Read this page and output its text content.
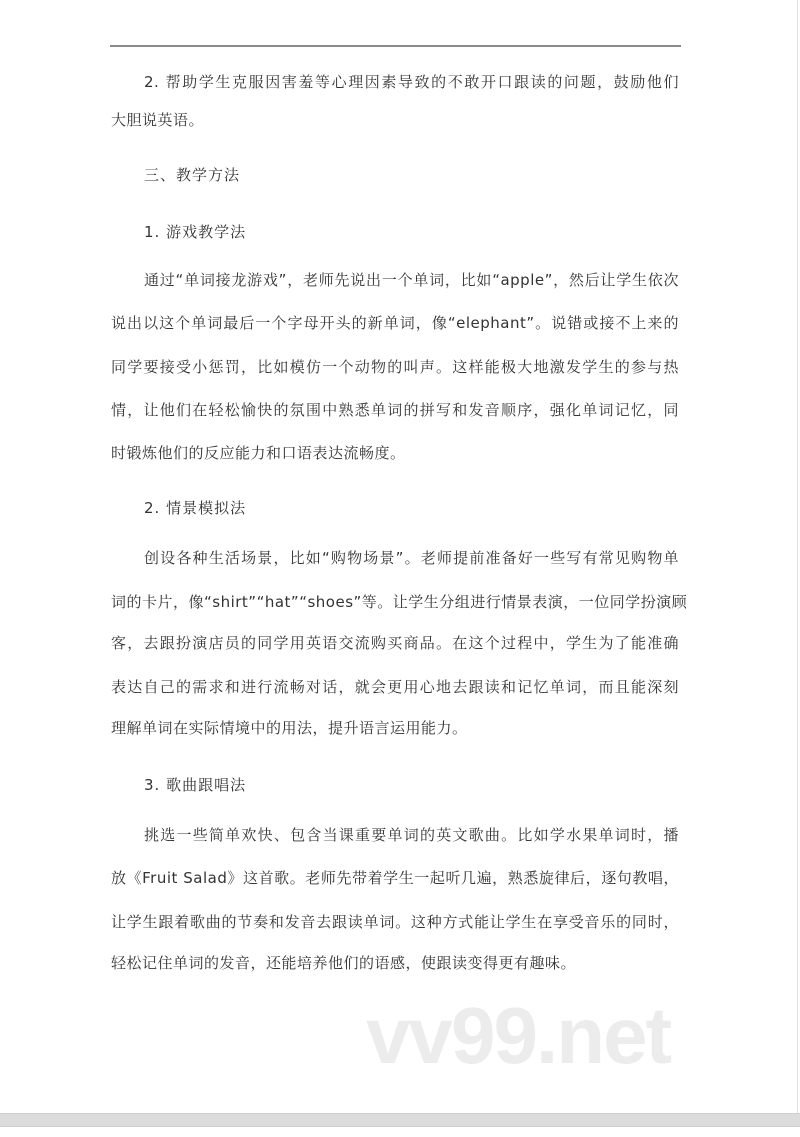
2. 帮助学生克服因害羞等心理因素导致的不敢开口跟读的问题，鼓励他们
大胆说英语。
三、教学方法
1. 游戏教学法
通过“单词接龙游戏”，老师先说出一个单词，比如“apple”，然后让学生依次
说出以这个单词最后一个字母开头的新单词，像“elephant”。说错或接不上来的
同学要接受小惩罚，比如模仿一个动物的叫声。这样能极大地激发学生的参与热
情，让他们在轻松愉快的氛围中熟悉单词的拼写和发音顺序，强化单词记忆，同
时锻炼他们的反应能力和口语表达流畅度。
2. 情景模拟法
创设各种生活场景，比如“购物场景”。老师提前准备好一些写有常见购物单
词的卡片，像“shirt”“hat”“shoes”等。让学生分组进行情景表演，一位同学扮演顾
客，去跟扮演店员的同学用英语交流购买商品。在这个过程中，学生为了能准确
表达自己的需求和进行流畅对话，就会更用心地去跟读和记忆单词，而且能深刻
理解单词在实际情境中的用法，提升语言运用能力。
3. 歌曲跟唱法
挑选一些简单欢快、包含当课重要单词的英文歌曲。比如学水果单词时，播
放《Fruit Salad》这首歌。老师先带着学生一起听几遍，熟悉旋律后，逐句教唱，
让学生跟着歌曲的节奏和发音去跟读单词。这种方式能让学生在享受音乐的同时，
轻松记住单词的发音，还能培养他们的语感，使跟读变得更有趣味。
vv99.net
